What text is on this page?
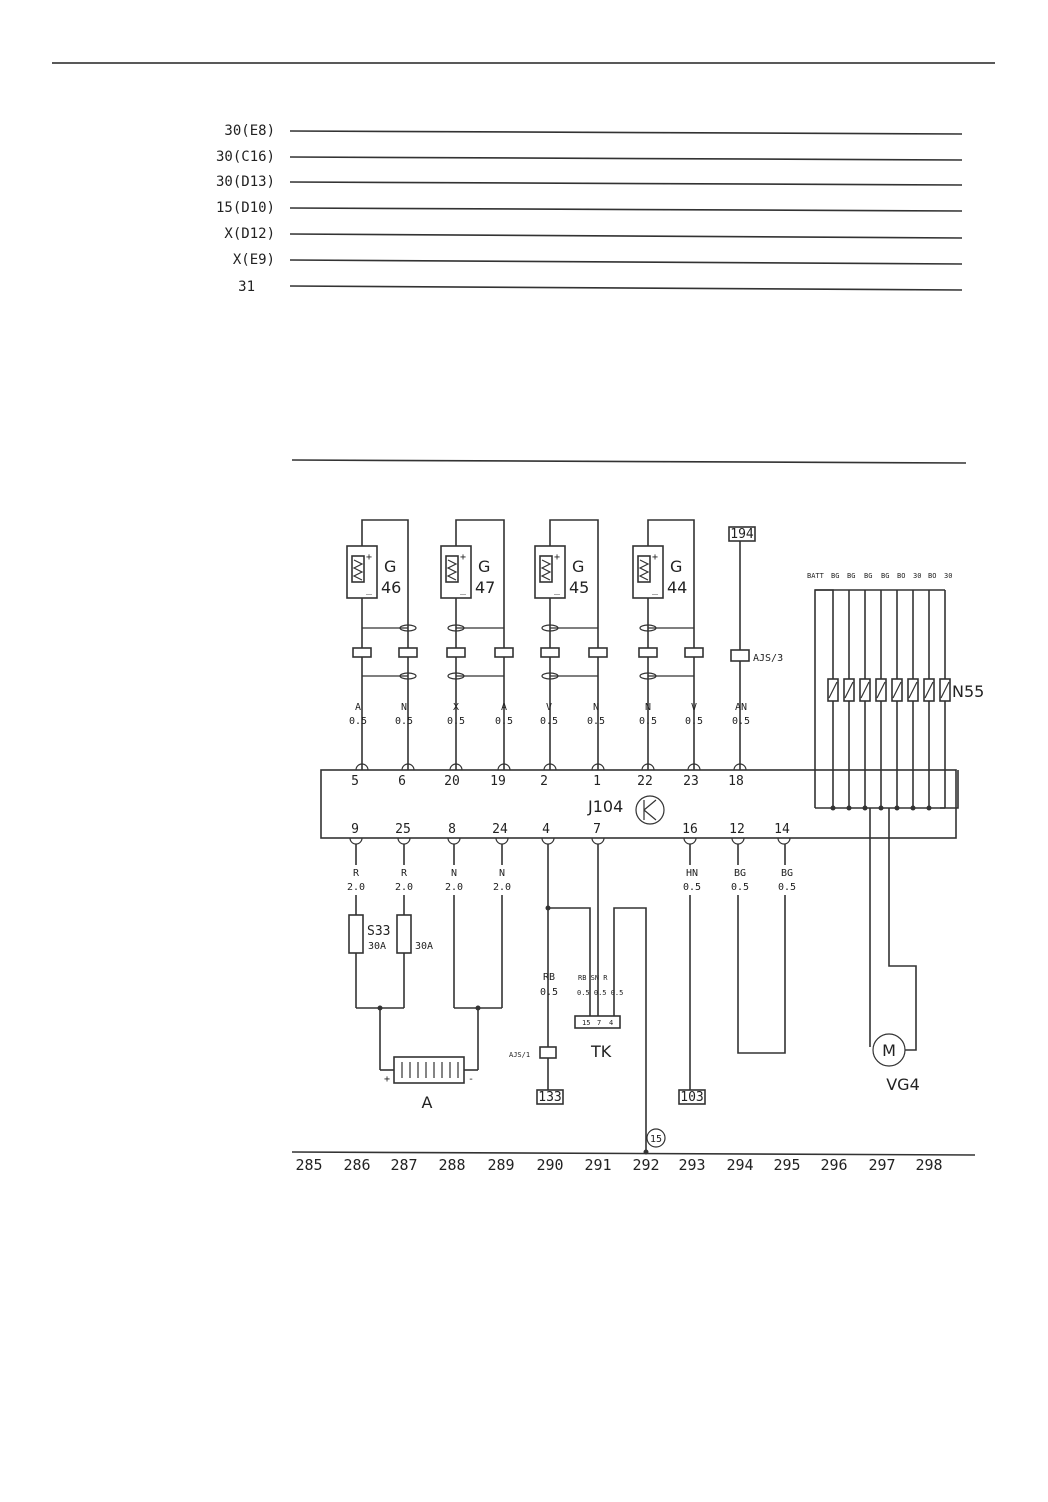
30(E8)
30(C16)
30(D13)
15(D10)
X(D12)
X(E9)
31
+
_
G
46
+
_
G
47
+
_
G
45
+
_
G
44
194
AJS/3
A
0.5
N
0.5
X
0.5
A
0.5
V
0.5
N
0.5
N
0.5
V
0.5
AN
0.5
5	6	20 19	2	1	22 23 18
J104
9	25	8	24	4	7	16 12 14
BATT BG BG BG BG BO 30 BO 30
N55
R
2.0
R
2.0
N
2.0
N
2.0
HN
0.5
BG
0.5
BG
0.5
RB
0.5
S33
30A	30A
+	-
A
RB SN R
0.5 0.5 0.5
15 7 4
TK
AJS/1
133
15
103
M
VG4
285 286 287 288 289 290 291 292 293 294 295 296 297 298
